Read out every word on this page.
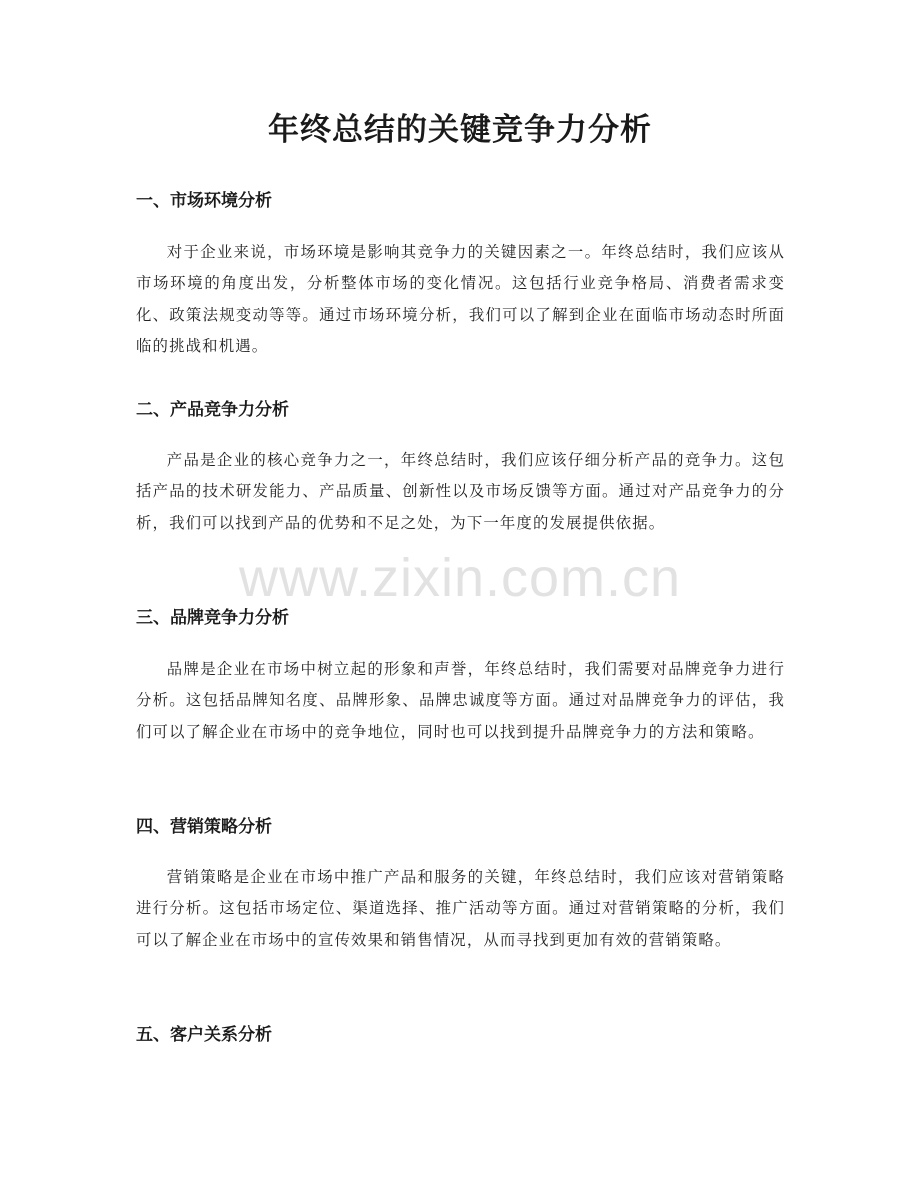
年终总结的关键竞争力分析
一、市场环境分析

对于企业来说，市场环境是影响其竞争力的关键因素之一。年终总结时，我们应该从市场环境的角度出发，分析整体市场的变化情况。这包括行业竞争格局、消费者需求变化、政策法规变动等等。通过市场环境分析，我们可以了解到企业在面临市场动态时所面临的挑战和机遇。

二、产品竞争力分析

产品是企业的核心竞争力之一，年终总结时，我们应该仔细分析产品的竞争力。这包括产品的技术研发能力、产品质量、创新性以及市场反馈等方面。通过对产品竞争力的分析，我们可以找到产品的优势和不足之处，为下一年度的发展提供依据。

三、品牌竞争力分析

品牌是企业在市场中树立起的形象和声誉，年终总结时，我们需要对品牌竞争力进行分析。这包括品牌知名度、品牌形象、品牌忠诚度等方面。通过对品牌竞争力的评估，我们可以了解企业在市场中的竞争地位，同时也可以找到提升品牌竞争力的方法和策略。

四、营销策略分析

营销策略是企业在市场中推广产品和服务的关键，年终总结时，我们应该对营销策略进行分析。这包括市场定位、渠道选择、推广活动等方面。通过对营销策略的分析，我们可以了解企业在市场中的宣传效果和销售情况，从而寻找到更加有效的营销策略。

五、客户关系分析
www.zixin.com.cn
